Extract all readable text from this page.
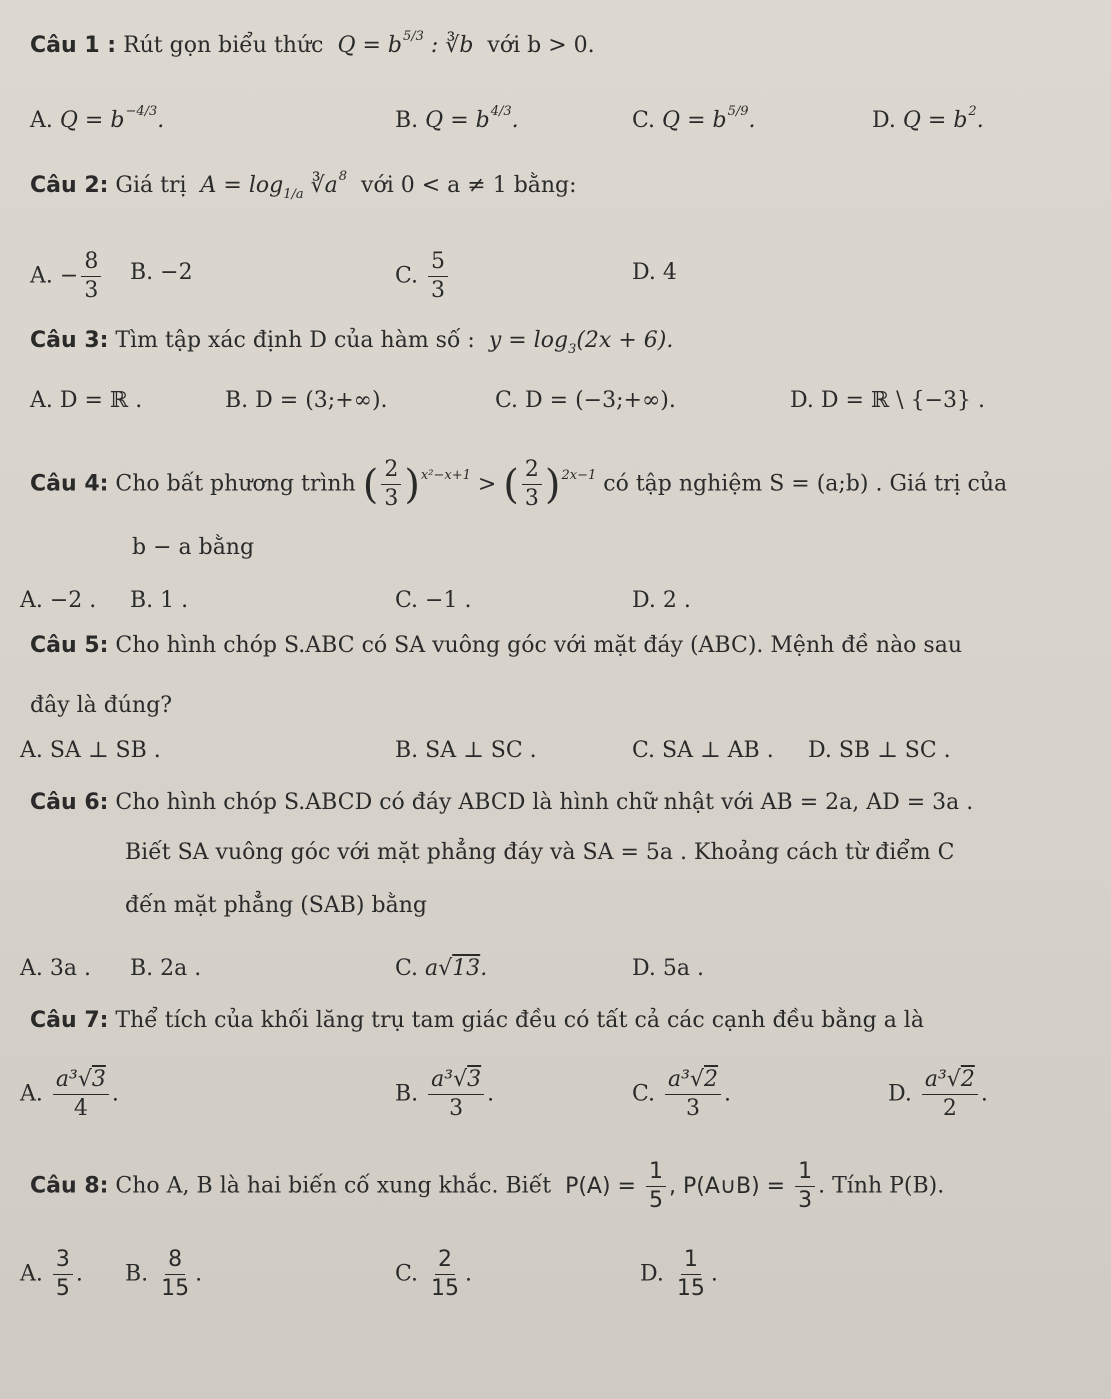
Câu 1 : Rút gọn biểu thức  $Q = b^{5/3}$ : ∛b với b > 0.
A. $Q = b^{-4/3}$.	B. $Q = b^{4/3}$.	C. $Q = b^{5/9}$.	D. $Q = b^2$.
Câu 2: Giá trị  $A = \log_{1/a}$ $∛a^8$ với 0 < a ≠ 1 bằng:
A. − $\frac{8}{3} B$. −2	C. $\frac{5}{3}$	D. 4
Câu 3: Tìm tập xác định D của hàm số :  $y = \log_3(2x + 6)$.
A. D = ℝ .	B. D = (3;+∞).	C. D = (−3;+∞).	D. D = ℝ \ {−3} .
Câu 4: Cho bất phương trình ( $\frac{2}{3} )^{x^2-x+1}$ > ( $\frac{2}{3} )^{2x-1}$ có tập nghiệm S = (a;b) . Giá trị của
b − a bằng
A. −2 . B. 1 .	C. −1 .	D. 2 .
Câu 5: Cho hình chóp S.ABC có SA vuông góc với mặt đáy (ABC). Mệnh đề nào sau
đây là đúng?
A. SA ⊥ SB .	B. SA ⊥ SC .	C. SA ⊥ AB . D. SB ⊥ SC .
Câu 6: Cho hình chóp S.ABCD có đáy ABCD là hình chữ nhật với AB = 2a, AD = 3a .
Biết SA vuông góc với mặt phẳng đáy và SA = 5a . Khoảng cách từ điểm C
đến mặt phẳng (SAB) bằng
A. 3a . B. 2a .	C. a√13.	D. 5a .
Câu 7: Thể tích của khối lăng trụ tam giác đều có tất cả các cạnh đều bằng a là
A. $\frac{\text{a³√3}}{4}$ .	B. $\frac{\text{a³√3}}{3}$ .	C. $\frac{\text{a³√2}}{3}$ .	D. $\frac{\text{a³√2}}{2}$ .
Câu 8: Cho A, B là hai biến cố xung khắc. Biết  $P(A) = \frac{1}{5}$ , P(A∪B) = $\frac{1}{3}$ . Tính P(B).
A. $\frac{3}{5}$ . B. $\frac{8}{15}$ .	C. $\frac{2}{15}$ .	D. $\frac{1}{15}$ .
